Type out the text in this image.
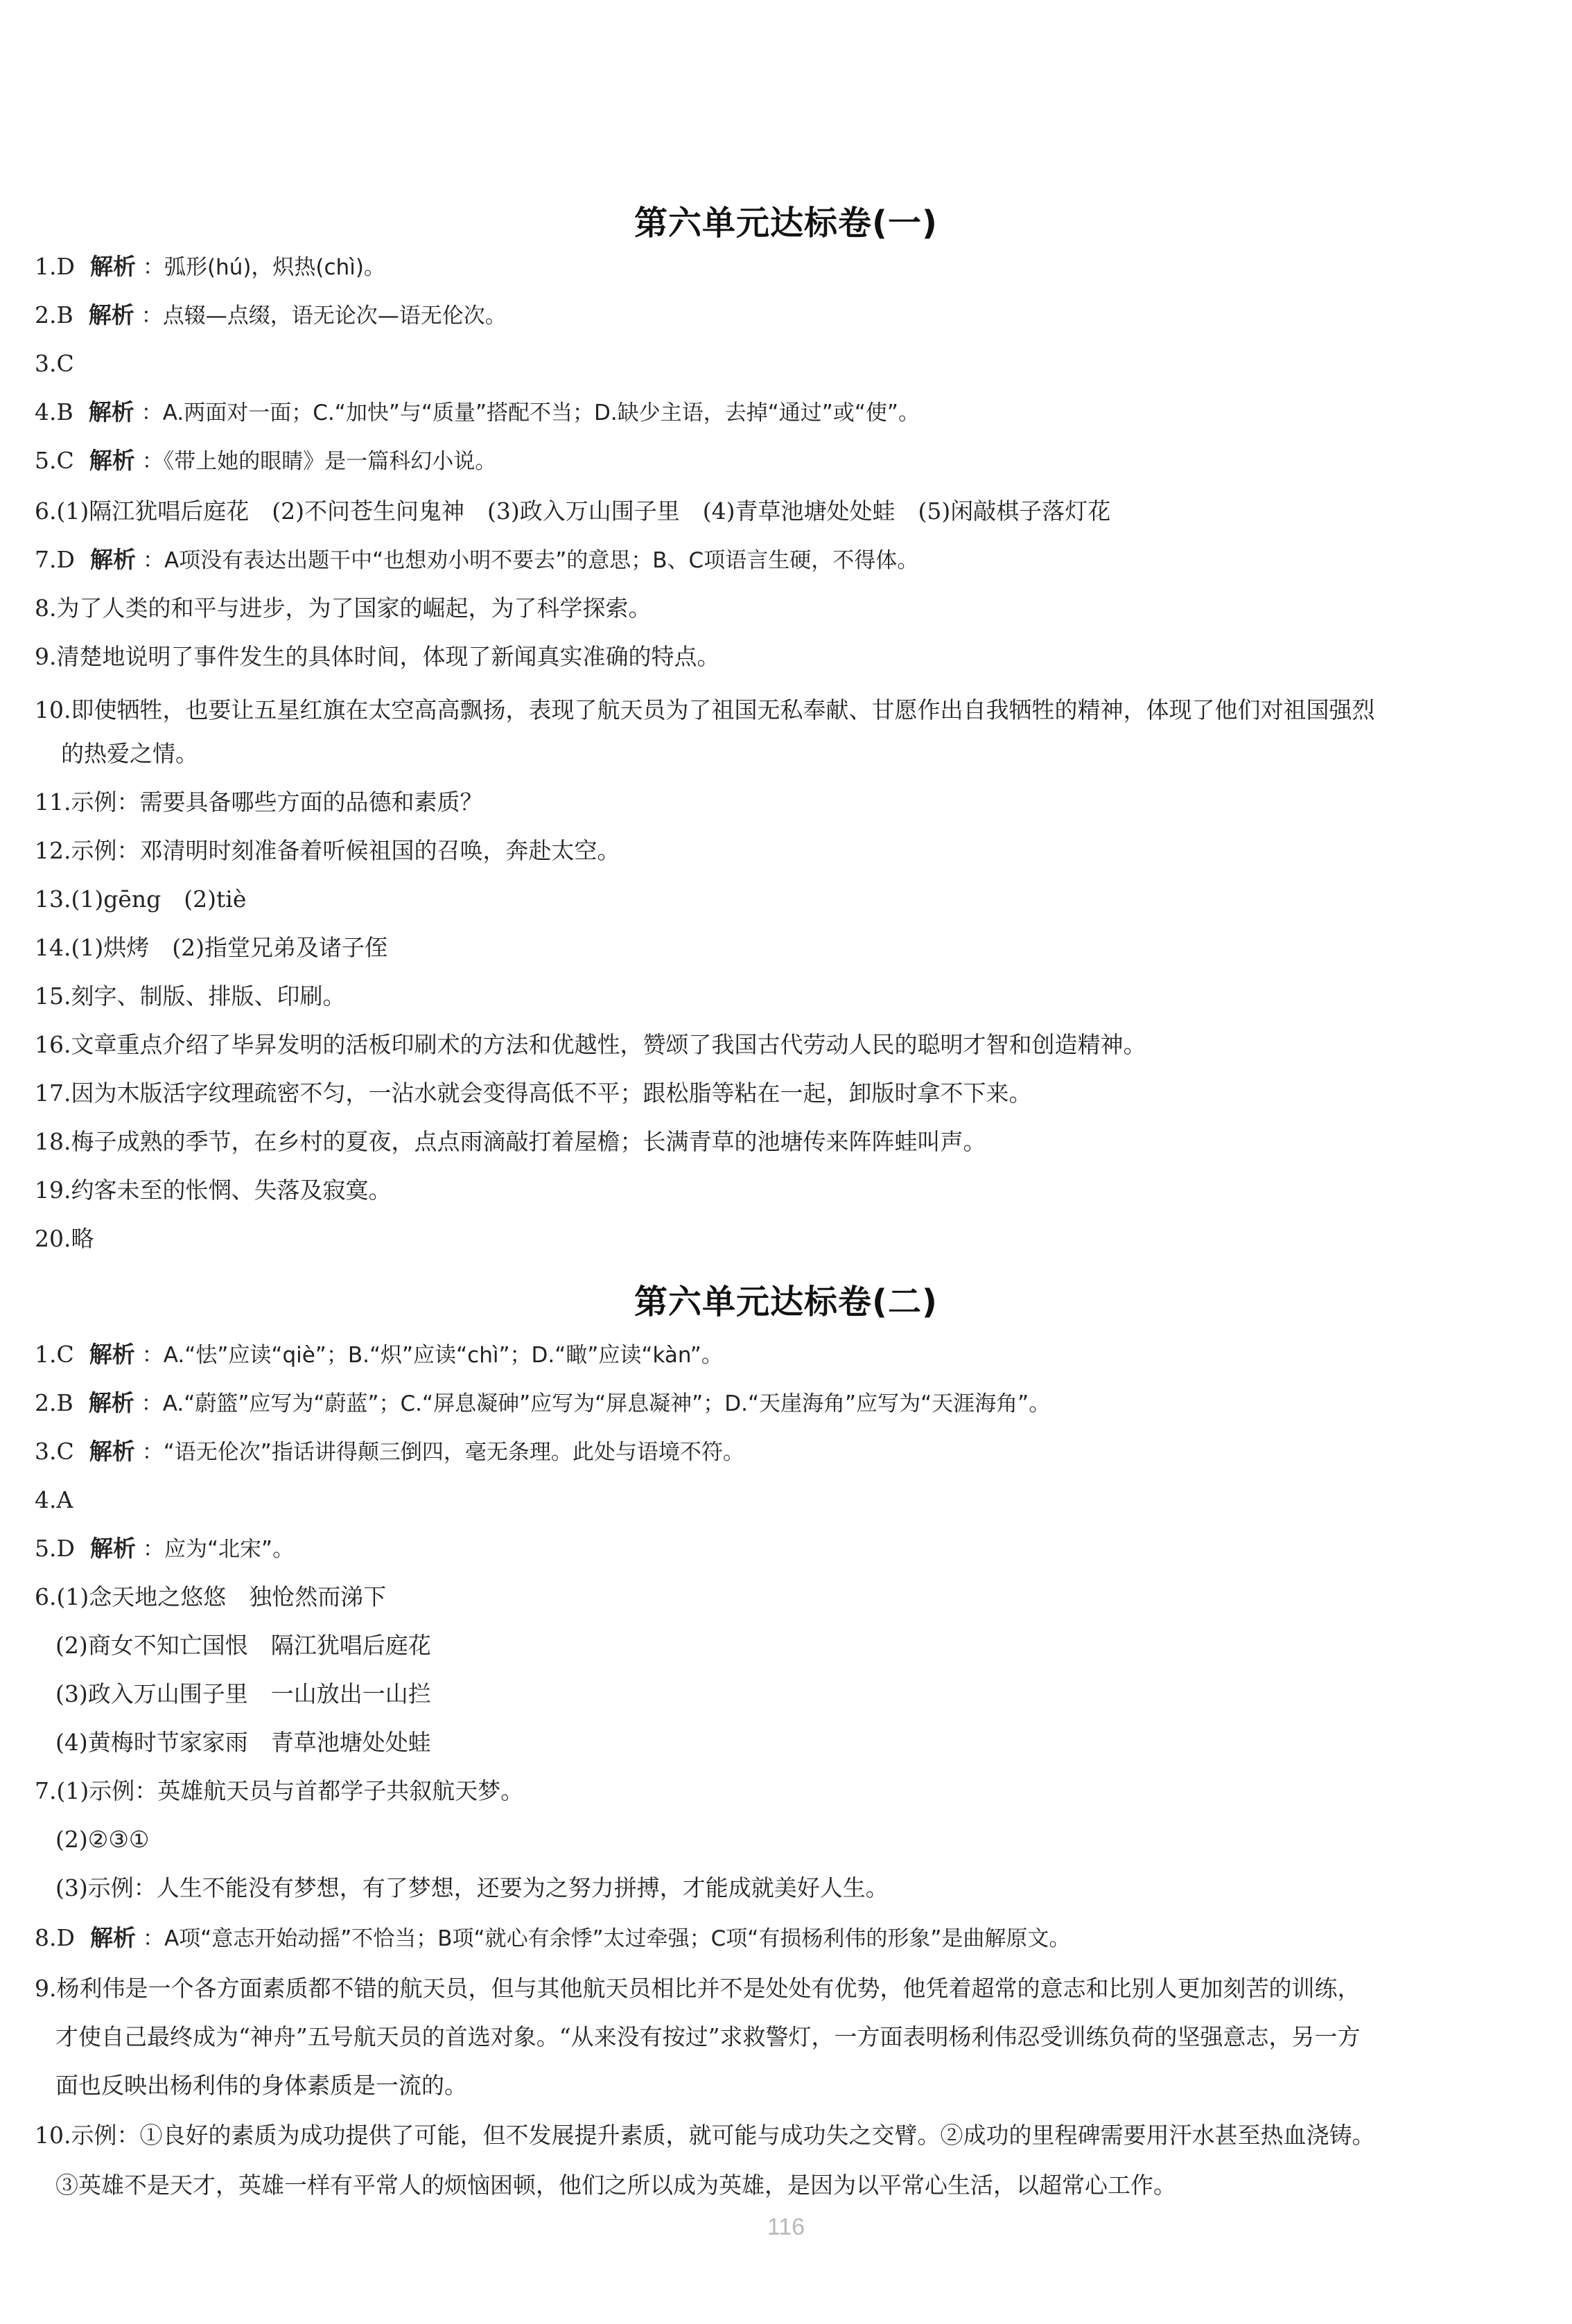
第六单元达标卷(一)
1.D 解析 ：弧形(hú)，炽热(chì)。
2.B 解析 ：点辍—点缀，语无论次—语无伦次。
3.C
4.B 解析 ：A.两面对一面；C.“加快”与“质量”搭配不当；D.缺少主语，去掉“通过”或“使”。
5.C 解析 ：《带上她的眼睛》是一篇科幻小说。
6.(1)隔江犹唱后庭花　(2)不问苍生问鬼神　(3)政入万山围子里　(4)青草池塘处处蛙　(5)闲敲棋子落灯花
7.D 解析 ：A项没有表达出题干中“也想劝小明不要去”的意思；B、C项语言生硬，不得体。
8.为了人类的和平与进步，为了国家的崛起，为了科学探索。
9.清楚地说明了事件发生的具体时间，体现了新闻真实准确的特点。
10.即使牺牲，也要让五星红旗在太空高高飘扬，表现了航天员为了祖国无私奉献、甘愿作出自我牺牲的精神，体现了他们对祖国强烈
的热爱之情。
11.示例：需要具备哪些方面的品德和素质？
12.示例：邓清明时刻准备着听候祖国的召唤，奔赴太空。
13.(1)gēng　(2)tiè
14.(1)烘烤　(2)指堂兄弟及诸子侄
15.刻字、制版、排版、印刷。
16.文章重点介绍了毕昇发明的活板印刷术的方法和优越性，赞颂了我国古代劳动人民的聪明才智和创造精神。
17.因为木版活字纹理疏密不匀，一沾水就会变得高低不平；跟松脂等粘在一起，卸版时拿不下来。
18.梅子成熟的季节，在乡村的夏夜，点点雨滴敲打着屋檐；长满青草的池塘传来阵阵蛙叫声。
19.约客未至的怅惘、失落及寂寞。
20.略
第六单元达标卷(二)
1.C 解析 ：A.“怯”应读“qiè”；B.“炽”应读“chì”；D.“瞰”应读“kàn”。
2.B 解析 ：A.“蔚篮”应写为“蔚蓝”；C.“屏息凝砷”应写为“屏息凝神”；D.“天崖海角”应写为“天涯海角”。
3.C 解析 ：“语无伦次”指话讲得颠三倒四，毫无条理。此处与语境不符。
4.A
5.D 解析 ：应为“北宋”。
6.(1)念天地之悠悠　独怆然而涕下
(2)商女不知亡国恨　隔江犹唱后庭花
(3)政入万山围子里　一山放出一山拦
(4)黄梅时节家家雨　青草池塘处处蛙
7.(1)示例：英雄航天员与首都学子共叙航天梦。
(2)②③①
(3)示例：人生不能没有梦想，有了梦想，还要为之努力拼搏，才能成就美好人生。
8.D 解析 ：A项“意志开始动摇”不恰当；B项“就心有余悸”太过牵强；C项“有损杨利伟的形象”是曲解原文。
9.杨利伟是一个各方面素质都不错的航天员，但与其他航天员相比并不是处处有优势，他凭着超常的意志和比别人更加刻苦的训练，
才使自己最终成为“神舟”五号航天员的首选对象。“从来没有按过”求救警灯，一方面表明杨利伟忍受训练负荷的坚强意志，另一方
面也反映出杨利伟的身体素质是一流的。
10.示例：①良好的素质为成功提供了可能，但不发展提升素质，就可能与成功失之交臂。②成功的里程碑需要用汗水甚至热血浇铸。
③英雄不是天才，英雄一样有平常人的烦恼困顿，他们之所以成为英雄，是因为以平常心生活，以超常心工作。
116
